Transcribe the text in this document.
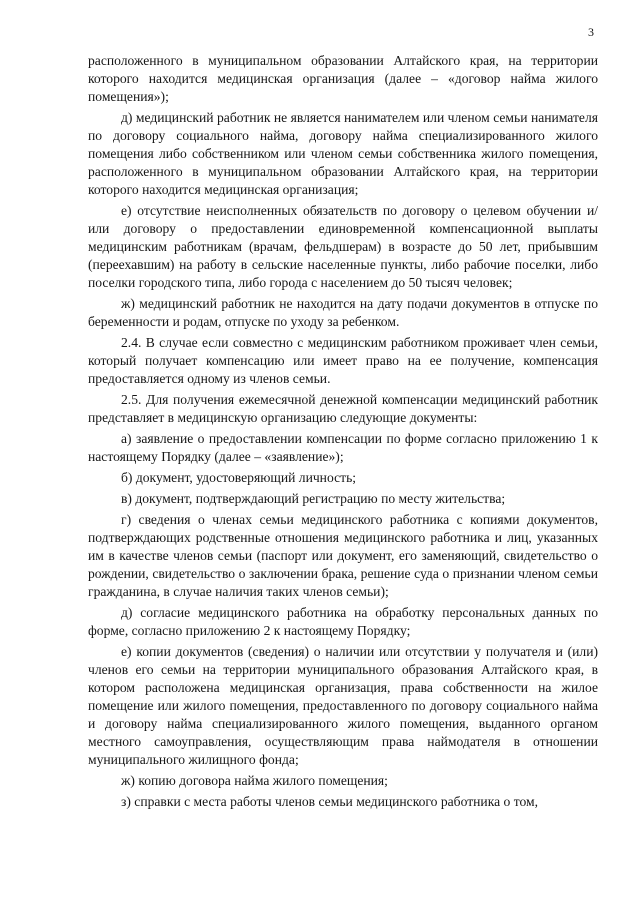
3

расположенного в муниципальном образовании Алтайского края, на территории которого находится медицинская организация (далее – «договор найма жилого помещения»);

д) медицинский работник не является нанимателем или членом семьи нанимателя по договору социального найма, договору найма специализированного жилого помещения либо собственником или членом семьи собственника жилого помещения, расположенного в муниципальном образовании Алтайского края, на территории которого находится медицинская организация;

е) отсутствие неисполненных обязательств по договору о целевом обучении и/или договору о предоставлении единовременной компенсационной выплаты медицинским работникам (врачам, фельдшерам) в возрасте до 50 лет, прибывшим (переехавшим) на работу в сельские населенные пункты, либо рабочие поселки, либо поселки городского типа, либо города с населением до 50 тысяч человек;

ж) медицинский работник не находится на дату подачи документов в отпуске по беременности и родам, отпуске по уходу за ребенком.

2.4. В случае если совместно с медицинским работником проживает член семьи, который получает компенсацию или имеет право на ее получение, компенсация предоставляется одному из членов семьи.

2.5. Для получения ежемесячной денежной компенсации медицинский работник представляет в медицинскую организацию следующие документы:

а) заявление о предоставлении компенсации по форме согласно приложению 1 к настоящему Порядку (далее – «заявление»);

б) документ, удостоверяющий личность;

в) документ, подтверждающий регистрацию по месту жительства;

г) сведения о членах семьи медицинского работника с копиями документов, подтверждающих родственные отношения медицинского работника и лиц, указанных им в качестве членов семьи (паспорт или документ, его заменяющий, свидетельство о рождении, свидетельство о заключении брака, решение суда о признании членом семьи гражданина, в случае наличия таких членов семьи);

д) согласие медицинского работника на обработку персональных данных по форме, согласно приложению 2 к настоящему Порядку;

е) копии документов (сведения) о наличии или отсутствии у получателя и (или) членов его семьи на территории муниципального образования Алтайского края, в котором расположена медицинская организация, права собственности на жилое помещение или жилого помещения, предоставленного по договору социального найма и договору найма специализированного жилого помещения, выданного органом местного самоуправления, осуществляющим права наймодателя в отношении муниципального жилищного фонда;

ж) копию договора найма жилого помещения;

з) справки с места работы членов семьи медицинского работника о том,
